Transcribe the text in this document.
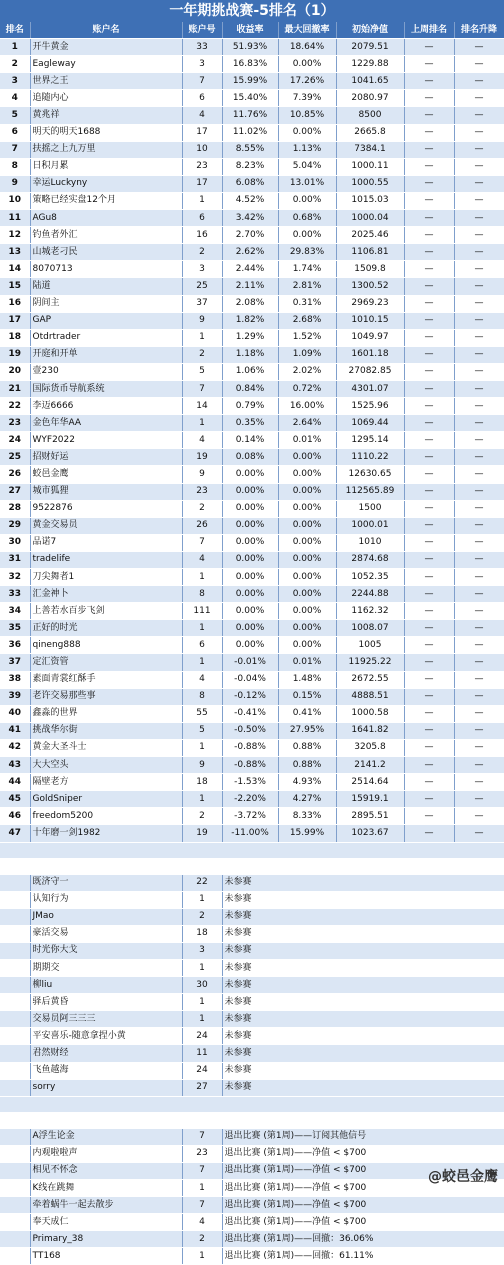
一年期挑战赛-5排名（1）
排名	账户名	账户号	收益率	最大回撤率	初始净值	上周排名	排名升降
1	开牛黄金	33	51.93%	18.64%	2079.51	—	—
2	Eagleway	3	16.83%	0.00%	1229.88	—	—
3	世界之王	7	15.99%	17.26%	1041.65	—	—
4	追随内心	6	15.40%	7.39%	2080.97	—	—
5	黄兆祥	4	11.76%	10.85%	8500	—	—
6	明天的明天1688	17	11.02%	0.00%	2665.8	—	—
7	扶摇之上九万里	10	8.55%	1.13%	7384.1	—	—
8	日积月累	23	8.23%	5.04%	1000.11	—	—
9	幸运Luckyny	17	6.08%	13.01%	1000.55	—	—
10	策略已经实盘12个月	1	4.52%	0.00%	1015.03	—	—
11	AGu8	6	3.42%	0.68%	1000.04	—	—
12	钓鱼者外汇	16	2.70%	0.00%	2025.46	—	—
13	山城老刁民	2	2.62%	29.83%	1106.81	—	—
14	8070713	3	2.44%	1.74%	1509.8	—	—
15	陆道	25	2.11%	2.81%	1300.52	—	—
16	阴间主	37	2.08%	0.31%	2969.23	—	—
17	GAP	9	1.82%	2.68%	1010.15	—	—
18	Otdrtrader	1	1.29%	1.52%	1049.97	—	—
19	开庭和开单	2	1.18%	1.09%	1601.18	—	—
20	壹230	5	1.06%	2.02%	27082.85	—	—
21	国际货币导航系统	7	0.84%	0.72%	4301.07	—	—
22	李迈6666	14	0.79%	16.00%	1525.96	—	—
23	金色年华AA	1	0.35%	2.64%	1069.44	—	—
24	WYF2022	4	0.14%	0.01%	1295.14	—	—
25	招财好运	19	0.08%	0.00%	1110.22	—	—
26	蛟邑金鹰	9	0.00%	0.00%	12630.65	—	—
27	城市狐狸	23	0.00%	0.00%	112565.89	—	—
28	9522876	2	0.00%	0.00%	1500	—	—
29	黄金交易员	26	0.00%	0.00%	1000.01	—	—
30	品诺7	7	0.00%	0.00%	1010	—	—
31	tradelife	4	0.00%	0.00%	2874.68	—	—
32	刀尖舞者1	1	0.00%	0.00%	1052.35	—	—
33	汇金神卜	8	0.00%	0.00%	2244.88	—	—
34	上善若水百步飞剑	111	0.00%	0.00%	1162.32	—	—
35	正好的时光	1	0.00%	0.00%	1008.07	—	—
36	qineng888	6	0.00%	0.00%	1005	—	—
37	定汇资管	1	-0.01%	0.01%	11925.22	—	—
38	素面青裳红酥手	4	-0.04%	1.48%	2672.55	—	—
39	老许交易那些事	8	-0.12%	0.15%	4888.51	—	—
40	鑫淼的世界	55	-0.41%	0.41%	1000.58	—	—
41	挑战华尔街	5	-0.50%	27.95%	1641.82	—	—
42	黄金大圣斗士	1	-0.88%	0.88%	3205.8	—	—
43	大大空头	9	-0.88%	0.88%	2141.2	—	—
44	隔壁老方	18	-1.53%	4.93%	2514.64	—	—
45	GoldSniper	1	-2.20%	4.27%	15919.1	—	—
46	freedom5200	2	-3.72%	8.33%	2895.51	—	—
47	十年磨一剑1982	19	-11.00%	15.99%	1023.67	—	—

	既济守一	22	未参赛				
	认知行为	1	未参赛				
	JMao	2	未参赛				
	豪活交易	18	未参赛				
	时光你大戈	3	未参赛				
	期期交	1	未参赛				
	柳liu	30	未参赛				
	驿后黄昏	1	未参赛				
	交易员阿三三三	1	未参赛				
	平安喜乐-随意拿捏小黄	24	未参赛				
	君然财经	11	未参赛				
	飞鱼越海	24	未参赛				
	sorry	27	未参赛				

	A浮生论金	7	退出比赛 (第1周)——订阅其他信号				
	内观啦啦声	23	退出比赛 (第1周)——净值 < $700				
	相见不怀念	7	退出比赛 (第1周)——净值 < $700				
	K线在跳舞	1	退出比赛 (第1周)——净值 < $700				
	牵着蜗牛一起去散步	7	退出比赛 (第1周)——净值 < $700				
	奉天成仁	4	退出比赛 (第1周)——净值 < $700				
	Primary_38	2	退出比赛 (第1周)——回撤：36.06%				
	TT168	1	退出比赛 (第1周)——回撤：61.11%				
@蛟邑金鹰
